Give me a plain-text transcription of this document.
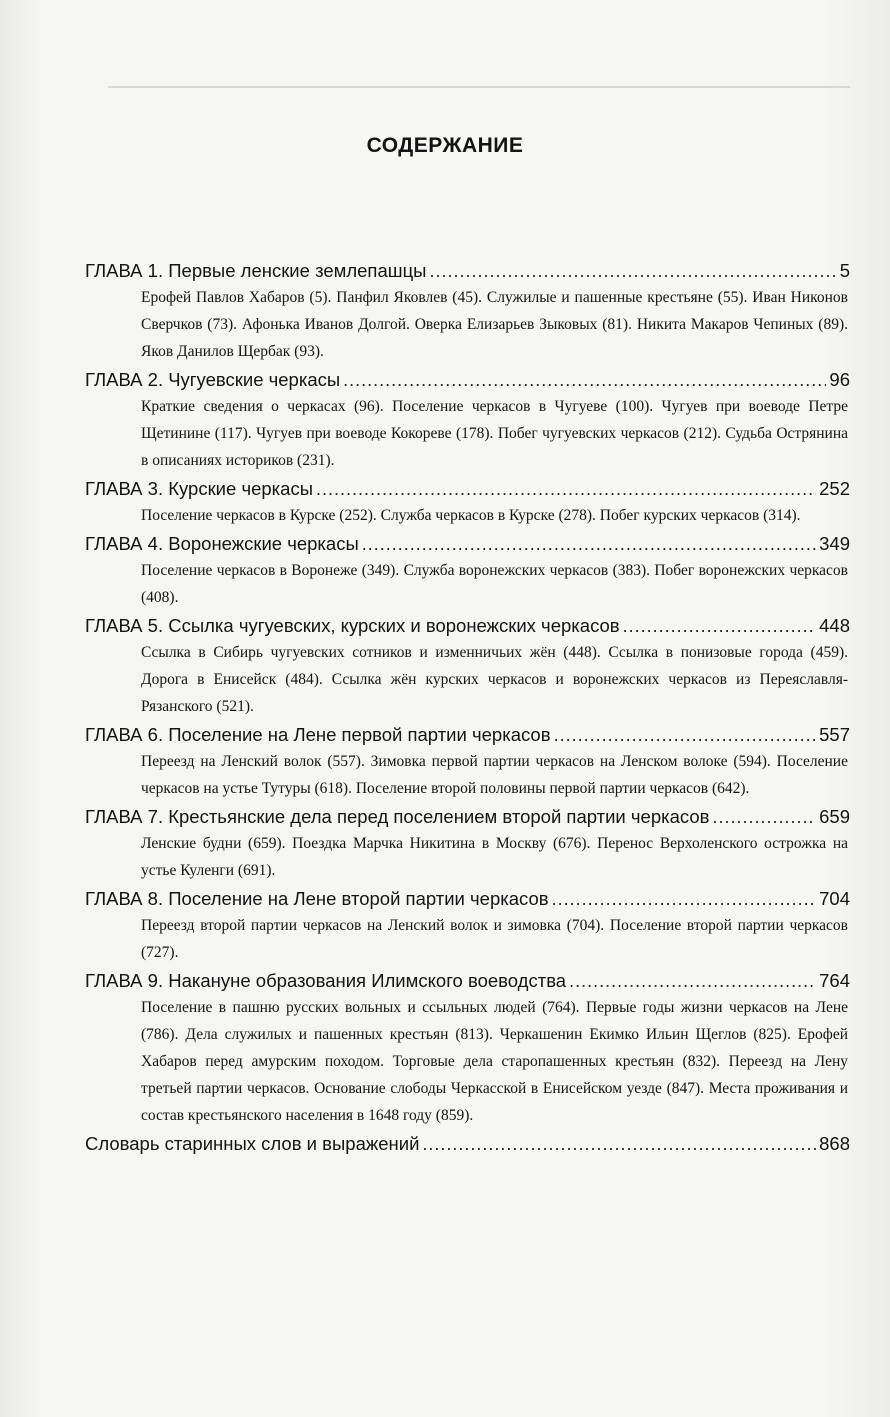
СОДЕРЖАНИЕ
ГЛАВА 1. Первые ленские землепашцы .....	5
Ерофей Павлов Хабаров (5). Панфил Яковлев (45). Служилые и пашенные крестьяне (55). Иван Никонов Сверчков (73). Афонька Иванов Долгой. Оверка Елизарьев Зыковых (81). Никита Макаров Чепиных (89). Яков Данилов Щербак (93).
ГЛАВА 2. Чугуевские черкасы .....	96
Краткие сведения о черкасах (96). Поселение черкасов в Чугуеве (100). Чугуев при воеводе Петре Щетинине (117). Чугуев при воеводе Кокореве (178). Побег чугуевских черкасов (212). Судьба Острянина в описаниях историков (231).
ГЛАВА 3. Курские черкасы .....	252
Поселение черкасов в Курске (252). Служба черкасов в Курске (278). Побег курских черкасов (314).
ГЛАВА 4. Воронежские черкасы .....	349
Поселение черкасов в Воронеже (349). Служба воронежских черкасов (383). Побег воронежских черкасов (408).
ГЛАВА 5. Ссылка чугуевских, курских и воронежских черкасов .....	448
Ссылка в Сибирь чугуевских сотников и изменничьих жён (448). Ссылка в понизовые города (459). Дорога в Енисейск (484). Ссылка жён курских черкасов и воронежских черкасов из Переяславля-Рязанского (521).
ГЛАВА 6. Поселение на Лене первой партии черкасов .....	557
Переезд на Ленский волок (557). Зимовка первой партии черкасов на Ленском волоке (594). Поселение черкасов на устье Тутуры (618). Поселение второй половины первой партии черкасов (642).
ГЛАВА 7. Крестьянские дела перед поселением второй партии черкасов .....	659
Ленские будни (659). Поездка Марчка Никитина в Москву (676). Перенос Верхоленского острожка на устье Куленги (691).
ГЛАВА 8. Поселение на Лене второй партии черкасов .....	704
Переезд второй партии черкасов на Ленский волок и зимовка (704). Поселение второй партии черкасов (727).
ГЛАВА 9. Накануне образования Илимского воеводства .....	764
Поселение в пашню русских вольных и ссыльных людей (764). Первые годы жизни черкасов на Лене (786). Дела служилых и пашенных крестьян (813). Черкашенин Екимко Ильин Щеглов (825). Ерофей Хабаров перед амурским походом. Торговые дела старопашенных крестьян (832). Переезд на Лену третьей партии черкасов. Основание слободы Черкасской в Енисейском уезде (847). Места проживания и состав крестьянского населения в 1648 году (859).
Словарь старинных слов и выражений .....	868
